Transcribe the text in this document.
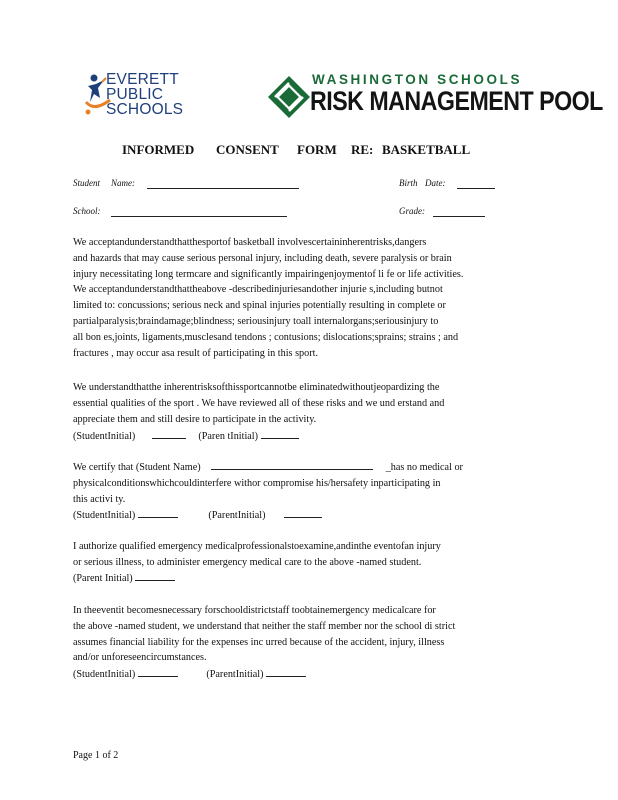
EVERETT
PUBLIC
SCHOOLS
WASHINGTON SCHOOLS
RISK MANAGEMENT POOL
INFORMED CONSENT FORM RE: BASKETBALL
Student Name:	Birth Date:
School:	Grade:

We acceptandunderstandthatthesportof basketball involvescertaininherentrisks,dangers

and hazards that may cause serious personal injury, including death, severe paralysis or brain

injury necessitating long termcare and significantly impairingenjoymentof li fe or life activities.

We acceptandunderstandthattheabove -describedinjuriesandother injurie s,including butnot

limited to: concussions; serious neck and spinal injuries potentially resulting in complete or

partialparalysis;braindamage;blindness; seriousinjury toall internalorgans;seriousinjury to

all bon es,joints, ligaments,musclesand tendons ; contusions; dislocations;sprains; strains ; and

fractures , may occur asa result of participating in this sport.

We understandthatthe inherentrisksofthissportcannotbe eliminatedwithoutjeopardizing the

essential qualities of the sport . We have reviewed all of these risks and we und erstand and

appreciate them and still desire to participate in the activity.

(StudentInitial)	(Paren tInitial)

We certify that (Student Name)	_has no medical or

physicalconditionswhichcouldinterfere withor compromise his/hersafety inparticipating in

this activi ty.

(StudentInitial)	(ParentInitial)

I authorize qualified emergency medicalprofessionalstoexamine,andinthe eventofan injury

or serious illness, to administer emergency medical care to the above -named student.

(Parent Initial)

In theeventit becomesnecessary forschooldistrictstaff toobtainemergency medicalcare for

the above -named student, we understand that neither the staff member nor the school di strict

assumes financial liability for the expenses inc urred because of the accident, injury, illness

and/or unforeseencircumstances.

(StudentInitial)	(ParentInitial)
Page 1 of 2
